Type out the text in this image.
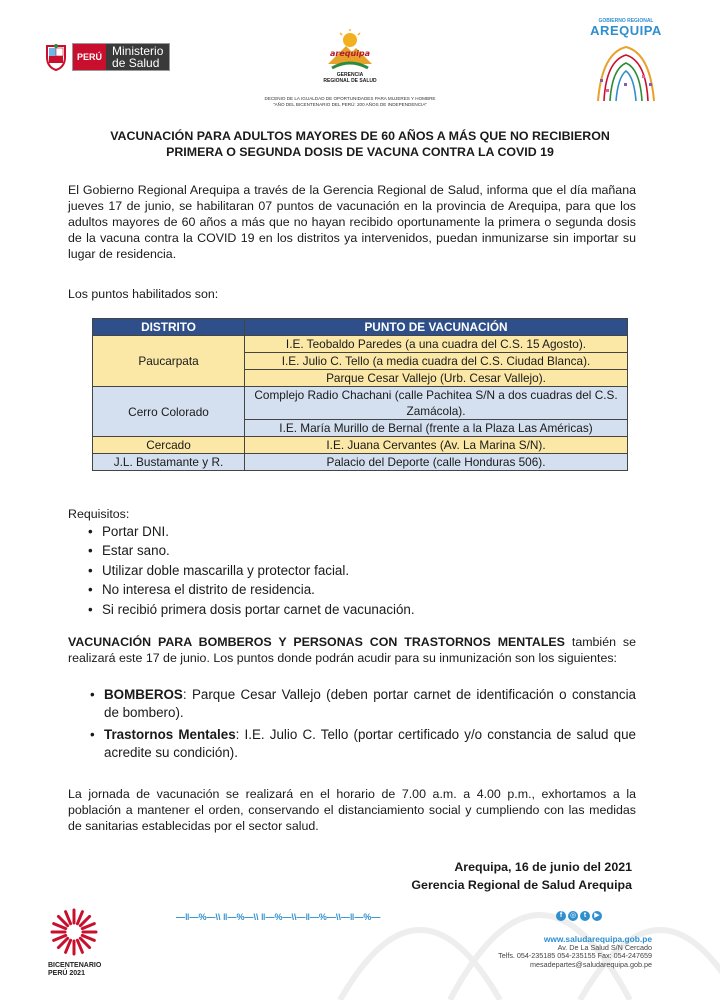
PERÚ Ministerio
de Salud
arequipa
GERENCIA
REGIONAL DE SALUD
DECENIO DE LA IGUALDAD DE OPORTUNIDADES PARA MUJERES Y HOMBRE
"AÑO DEL BICENTENARIO DEL PERÚ: 200 AÑOS DE INDEPENDENCIA"
GOBIERNO REGIONAL
AREQUIPA
VACUNACIÓN PARA ADULTOS MAYORES DE 60 AÑOS A MÁS QUE NO RECIBIERON
PRIMERA O SEGUNDA DOSIS DE VACUNA CONTRA LA COVID 19
El Gobierno Regional Arequipa a través de la Gerencia Regional de Salud, informa que el día mañana jueves 17 de junio, se habilitaran 07 puntos de vacunación en la provincia de Arequipa, para que los adultos mayores de 60 años a más que no hayan recibido oportunamente la primera o segunda dosis de la vacuna contra la COVID 19 en los distritos ya intervenidos, puedan inmunizarse sin importar su lugar de residencia.
Los puntos habilitados son:
DISTRITO	PUNTO DE VACUNACIÓN
Paucarpata	I.E. Teobaldo Paredes (a una cuadra del C.S. 15 Agosto).
	I.E. Julio C. Tello (a media cuadra del C.S. Ciudad Blanca).
	Parque Cesar Vallejo (Urb. Cesar Vallejo).
Cerro Colorado	Complejo Radio Chachani (calle Pachitea S/N a dos cuadras del C.S. Zamácola).
	I.E. María Murillo de Bernal (frente a la Plaza Las Américas)
Cercado	I.E. Juana Cervantes (Av. La Marina S/N).
J.L. Bustamante y R.	Palacio del Deporte (calle Honduras 506).
Requisitos:
• Portar DNI.
• Estar sano.
• Utilizar doble mascarilla y protector facial.
• No interesa el distrito de residencia.
• Si recibió primera dosis portar carnet de vacunación.
VACUNACIÓN PARA BOMBEROS Y PERSONAS CON TRASTORNOS MENTALES también se realizará este 17 de junio. Los puntos donde podrán acudir para su inmunización son los siguientes:
• BOMBEROS: Parque Cesar Vallejo (deben portar carnet de identificación o constancia de bombero).
• Trastornos Mentales: I.E. Julio C. Tello (portar certificado y/o constancia de salud que acredite su condición).
La jornada de vacunación se realizará en el horario de 7.00 a.m. a 4.00 p.m., exhortamos a la población a mantener el orden, conservando el distanciamiento social y cumpliendo con las medidas de sanitarias establecidas por el sector salud.
Arequipa, 16 de junio del 2021
Gerencia Regional de Salud Arequipa
BICENTENARIO
PERÚ 2021
—‖—%—\\ ‖—%—\\ ‖—%—\\—‖—%—\\—‖—%—	f	◎	t	▶
www.saludarequipa.gob.pe
Av. De La Salud S/N Cercado
Telfs. 054-235185 054-235155 Fax: 054-247659
mesadepartes@saludarequipa.gob.pe
